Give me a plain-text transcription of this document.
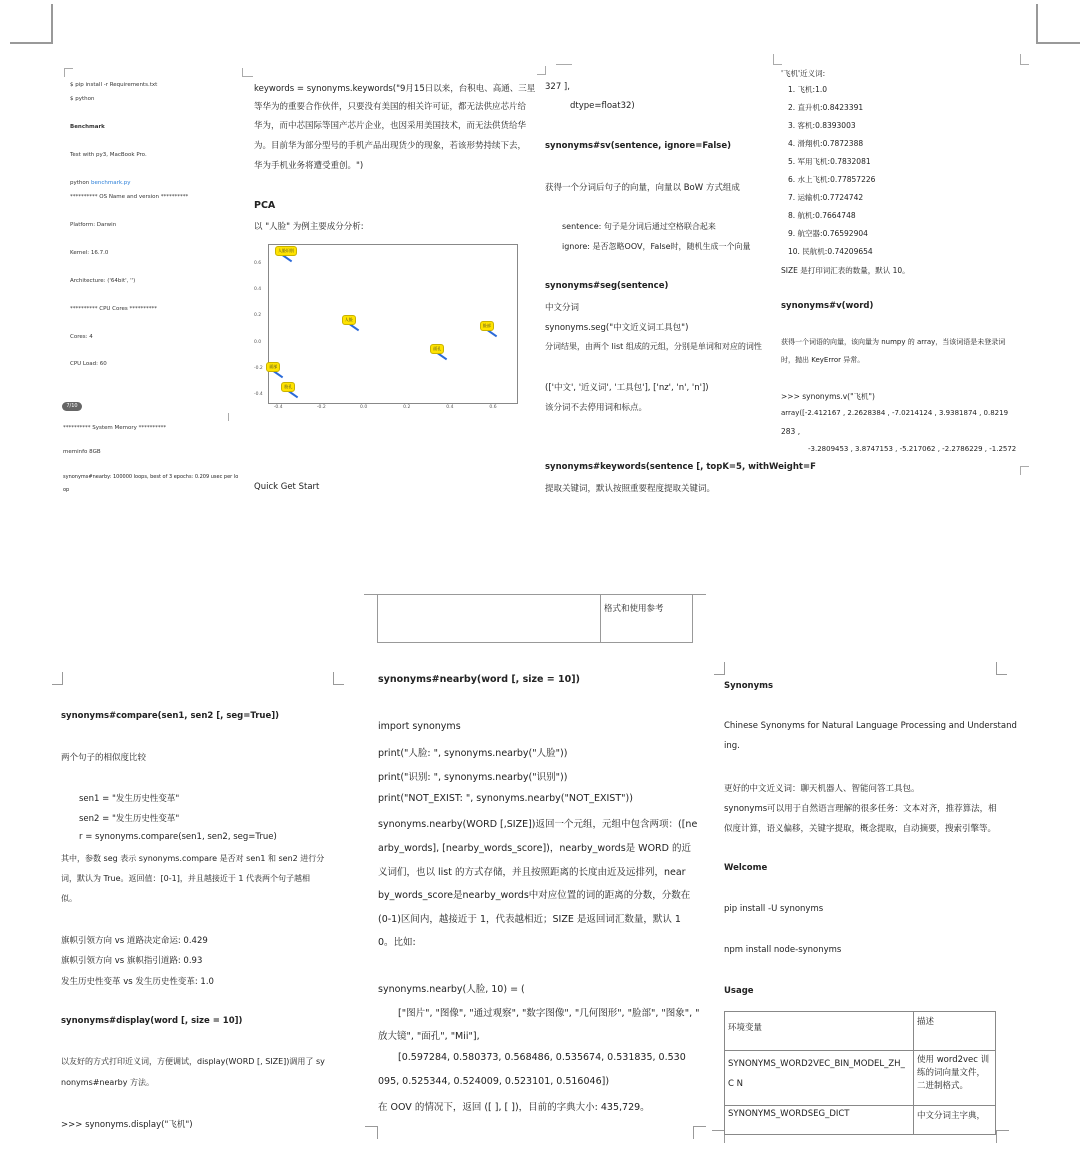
$ pip install -r Requirements.txt
$ python
Benchmark
Test with py3, MacBook Pro.
python benchmark.py
********** OS Name and version **********
Platform: Darwin
Kernel: 16.7.0
Architecture: ('64bit', '')
********** CPU Cores **********
Cores: 4
CPU Load: 60
7/10
********** System Memory **********
meminfo 8GB
synonyms#nearby: 100000 loops, best of 3 epochs: 0.209 usec per lo
op
keywords = synonyms.keywords("9月15日以来，台积电、高通、三星
等华为的重要合作伙伴，只要没有美国的相关许可证，都无法供应芯片给
华为，而中芯国际等国产芯片企业，也因采用美国技术，而无法供货给华
为。目前华为部分型号的手机产品出现货少的现象，若该形势持续下去，
华为手机业务将遭受重创。")
PCA
以 "人脸" 为例主要成分分析:
-0.4	-0.2	0.0	0.2	0.4	0.6
0.6
0.4
0.2
0.0
-0.2
-0.4
人脸识别
人脸
面孔
脸部
面部
脸孔
Quick Get Start
327 ],
dtype=float32)
synonyms#sv(sentence, ignore=False)
获得一个分词后句子的向量，向量以 BoW 方式组成
sentence: 句子是分词后通过空格联合起来
ignore: 是否忽略OOV，False时，随机生成一个向量
synonyms#seg(sentence)
中文分词
synonyms.seg("中文近义词工具包")
分词结果，由两个 list 组成的元组，分别是单词和对应的词性
(['中文', '近义词', '工具包'], ['nz', 'n', 'n'])
该分词不去停用词和标点。
synonyms#keywords(sentence [, topK=5, withWeight=F
提取关键词，默认按照重要程度提取关键词。
'飞机'近义词:
1. 飞机:1.0
2. 直升机:0.8423391
3. 客机:0.8393003
4. 滑翔机:0.7872388
5. 军用飞机:0.7832081
6. 水上飞机:0.77857226
7. 运输机:0.7724742
8. 航机:0.7664748
9. 航空器:0.76592904
10. 民航机:0.74209654
SIZE 是打印词汇表的数量，默认 10。
synonyms#v(word)
获得一个词语的向量，该向量为 numpy 的 array，当该词语是未登录词
时，抛出 KeyError 异常。
>>> synonyms.v("飞机")
array([-2.412167 , 2.2628384 , -7.0214124 , 3.9381874 , 0.8219
283 ,
-3.2809453 , 3.8747153 , -5.217062 , -2.2786229 , -1.2572
格式和使用参考
synonyms#compare(sen1, sen2 [, seg=True])
两个句子的相似度比较
sen1 = "发生历史性变革"
sen2 = "发生历史性变革"
r = synonyms.compare(sen1, sen2, seg=True)
其中，参数 seg 表示 synonyms.compare 是否对 sen1 和 sen2 进行分
词，默认为 True。返回值：[0-1]，并且越接近于 1 代表两个句子越相
似。
旗帜引领方向 vs 道路决定命运: 0.429
旗帜引领方向 vs 旗帜指引道路: 0.93
发生历史性变革 vs 发生历史性变革: 1.0
synonyms#display(word [, size = 10])
以友好的方式打印近义词，方便调试，display(WORD [, SIZE])调用了 sy
nonyms#nearby 方法。
>>> synonyms.display("飞机")
synonyms#nearby(word [, size = 10])
import synonyms
print("人脸: ", synonyms.nearby("人脸"))
print("识别: ", synonyms.nearby("识别"))
print("NOT_EXIST: ", synonyms.nearby("NOT_EXIST"))
synonyms.nearby(WORD [,SIZE])返回一个元组，元组中包含两项：([ne
arby_words], [nearby_words_score])，nearby_words是 WORD 的近
义词们，也以 list 的方式存储，并且按照距离的长度由近及远排列，near
by_words_score是nearby_words中对应位置的词的距离的分数，分数在
(0-1)区间内，越接近于 1，代表越相近；SIZE 是返回词汇数量，默认 1
0。比如:
synonyms.nearby(人脸, 10) = (
["图片", "图像", "通过观察", "数字图像", "几何图形", "脸部", "图象", "
放大镜", "面孔", "Mii"],
[0.597284, 0.580373, 0.568486, 0.535674, 0.531835, 0.530
095, 0.525344, 0.524009, 0.523101, 0.516046])
在 OOV 的情况下，返回 ([ ], [ ])，目前的字典大小: 435,729。
Synonyms
Chinese Synonyms for Natural Language Processing and Understand
ing.
更好的中文近义词：聊天机器人、智能问答工具包。
synonyms可以用于自然语言理解的很多任务：文本对齐，推荐算法，相
似度计算，语义偏移，关键字提取，概念提取，自动摘要，搜索引擎等。
Welcome
pip install -U synonyms
npm install node-synonyms
Usage
环境变量	描述
SYNONYMS_WORD2VEC_BIN_MODEL_ZH_C N	使用 word2vec 训练的词向量文件，二进制格式。
SYNONYMS_WORDSEG_DICT	中文分词主字典，
